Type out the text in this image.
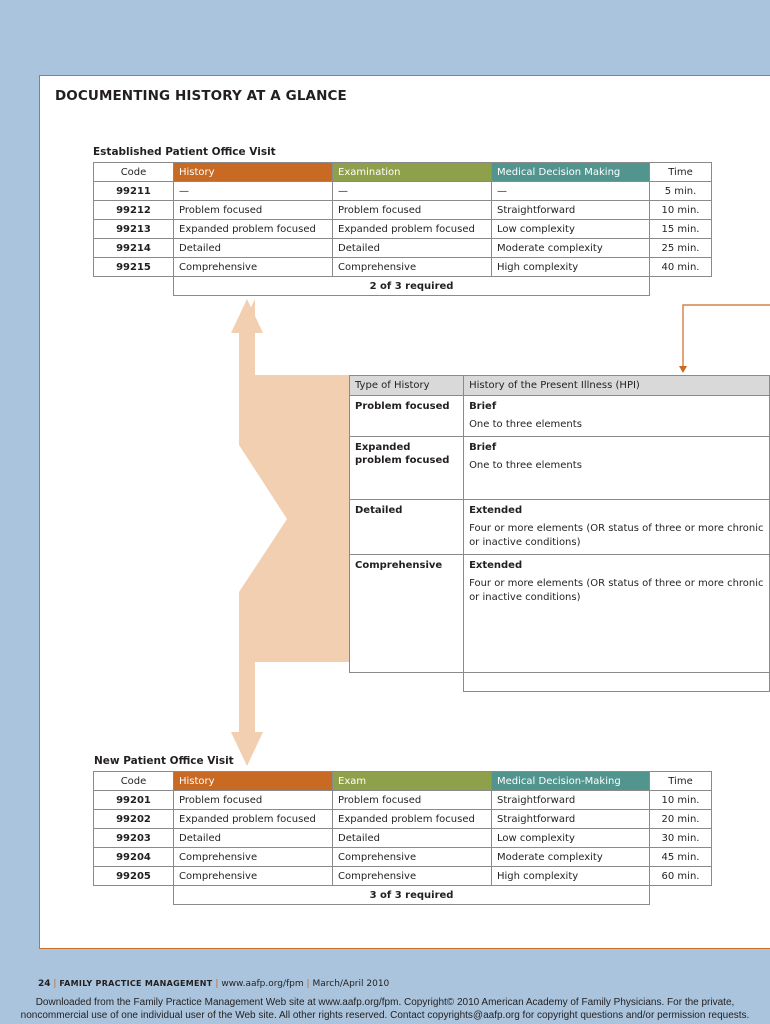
DOCUMENTING HISTORY AT A GLANCE
Established Patient Office Visit
Code	History	Examination	Medical Decision Making	Time
99211	—	—	—	5 min.
99212	Problem focused	Problem focused	Straightforward	10 min.
99213	Expanded problem focused	Expanded problem focused	Low complexity	15 min.
99214	Detailed	Detailed	Moderate complexity	25 min.
99215	Comprehensive	Comprehensive	High complexity	40 min.
	2 of 3 required			
Type of History	History of the Present Illness (HPI)
Problem focused	Brief
One to three elements

Expanded problem focused	Brief
One to three elements

Detailed	Extended
Four or more elements (OR status of three or more chronic or inactive conditions)

Comprehensive	Extended
Four or more elements (OR status of three or more chronic or inactive conditions)

New Patient Office Visit
Code	History	Exam	Medical Decision-Making	Time
99201	Problem focused	Problem focused	Straightforward	10 min.
99202	Expanded problem focused	Expanded problem focused	Straightforward	20 min.
99203	Detailed	Detailed	Low complexity	30 min.
99204	Comprehensive	Comprehensive	Moderate complexity	45 min.
99205	Comprehensive	Comprehensive	High complexity	60 min.
	3 of 3 required			
24 | FAMILY PRACTICE MANAGEMENT | www.aafp.org/fpm | March/April 2010
Downloaded from the Family Practice Management Web site at www.aafp.org/fpm. Copyright© 2010 American Academy of Family Physicians. For the private, noncommercial use of one individual user of the Web site. All other rights reserved. Contact copyrights@aafp.org for copyright questions and/or permission requests.
